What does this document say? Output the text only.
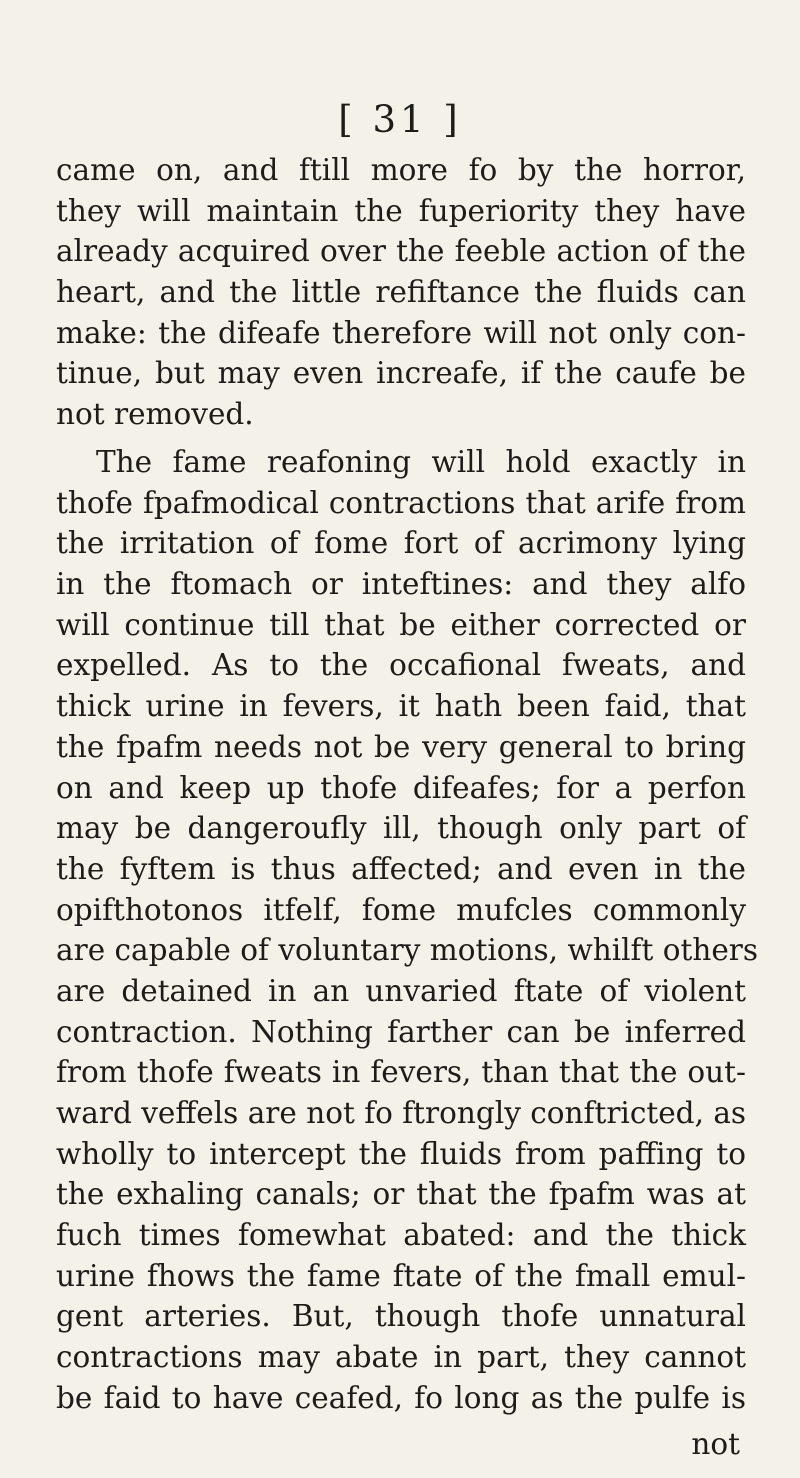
[ 31 ]
came on, and ftill more fo by the horror,
they will maintain the fuperiority they have
already acquired over the feeble action of the
heart, and the little refiftance the fluids can
make: the difeafe therefore will not only con-
tinue, but may even increafe, if the caufe be
not removed.
The fame reafoning will hold exactly in
thofe fpafmodical contractions that arife from
the irritation of fome fort of acrimony lying
in the ftomach or inteftines: and they alfo
will continue till that be either corrected or
expelled. As to the occafional fweats, and
thick urine in fevers, it hath been faid, that
the fpafm needs not be very general to bring
on and keep up thofe difeafes; for a perfon
may be dangeroufly ill, though only part of
the fyftem is thus affected; and even in the
opifthotonos itfelf, fome mufcles commonly
are capable of voluntary motions, whilft others
are detained in an unvaried ftate of violent
contraction. Nothing farther can be inferred
from thofe fweats in fevers, than that the out-
ward veffels are not fo ftrongly conftricted, as
wholly to intercept the fluids from paffing to
the exhaling canals; or that the fpafm was at
fuch times fomewhat abated: and the thick
urine fhows the fame ftate of the fmall emul-
gent arteries. But, though thofe unnatural
contractions may abate in part, they cannot
be faid to have ceafed, fo long as the pulfe is
not
